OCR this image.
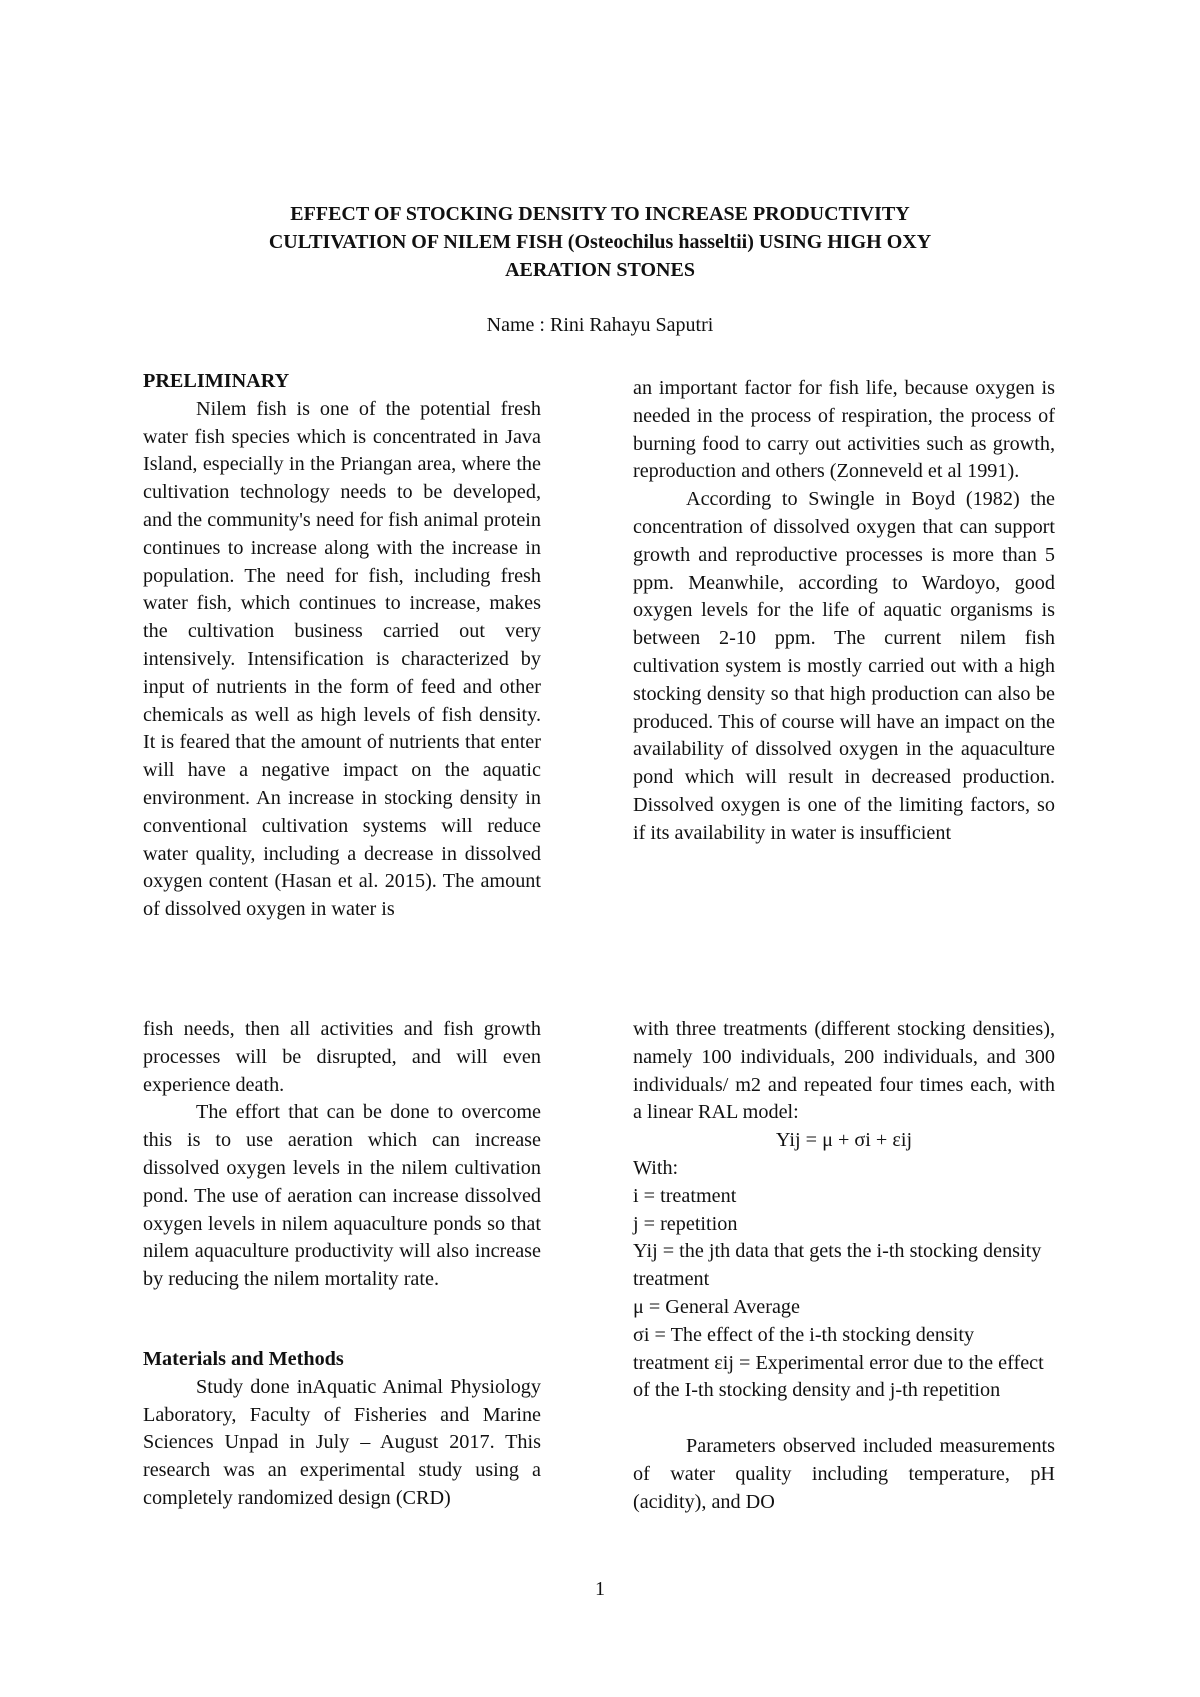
EFFECT OF STOCKING DENSITY TO INCREASE PRODUCTIVITY
CULTIVATION OF NILEM FISH (Osteochilus hasseltii) USING HIGH OXY
AERATION STONES
Name : Rini Rahayu Saputri

PRELIMINARY

Nilem fish is one of the potential fresh water fish species which is concentrated in Java Island, especially in the Priangan area, where the cultivation technology needs to be developed, and the community's need for fish animal protein continues to increase along with the increase in population. The need for fish, including fresh water fish, which continues to increase, makes the cultivation business carried out very intensively. Intensification is characterized by input of nutrients in the form of feed and other chemicals as well as high levels of fish density. It is feared that the amount of nutrients that enter will have a negative impact on the aquatic environment. An increase in stocking density in conventional cultivation systems will reduce water quality, including a decrease in dissolved oxygen content (Hasan et al. 2015). The amount of dissolved oxygen in water is

fish needs, then all activities and fish growth processes will be disrupted, and will even experience death.

The effort that can be done to overcome this is to use aeration which can increase dissolved oxygen levels in the nilem cultivation pond. The use of aeration can increase dissolved oxygen levels in nilem aquaculture ponds so that nilem aquaculture productivity will also increase by reducing the nilem mortality rate.

Materials and Methods

Study done inAquatic Animal Physiology Laboratory, Faculty of Fisheries and Marine Sciences Unpad in July – August 2017. This research was an experimental study using a completely randomized design (CRD)

an important factor for fish life, because oxygen is needed in the process of respiration, the process of burning food to carry out activities such as growth, reproduction and others (Zonneveld et al 1991).

According to Swingle in Boyd (1982) the concentration of dissolved oxygen that can support growth and reproductive processes is more than 5 ppm. Meanwhile, according to Wardoyo, good oxygen levels for the life of aquatic organisms is between 2-10 ppm. The current nilem fish cultivation system is mostly carried out with a high stocking density so that high production can also be produced. This of course will have an impact on the availability of dissolved oxygen in the aquaculture pond which will result in decreased production. Dissolved oxygen is one of the limiting factors, so if its availability in water is insufficient

with three treatments (different stocking densities), namely 100 individuals, 200 individuals, and 300 individuals/ m2 and repeated four times each, with a linear RAL model:

Yij = μ + σi + εij

With:

i = treatment

j = repetition

Yij = the jth data that gets the i-th stocking density treatment

μ = General Average

σi = The effect of the i-th stocking density treatment εij = Experimental error due to the effect of the I-th stocking density and j-th repetition

Parameters observed included measurements of water quality including temperature, pH (acidity), and DO

1
